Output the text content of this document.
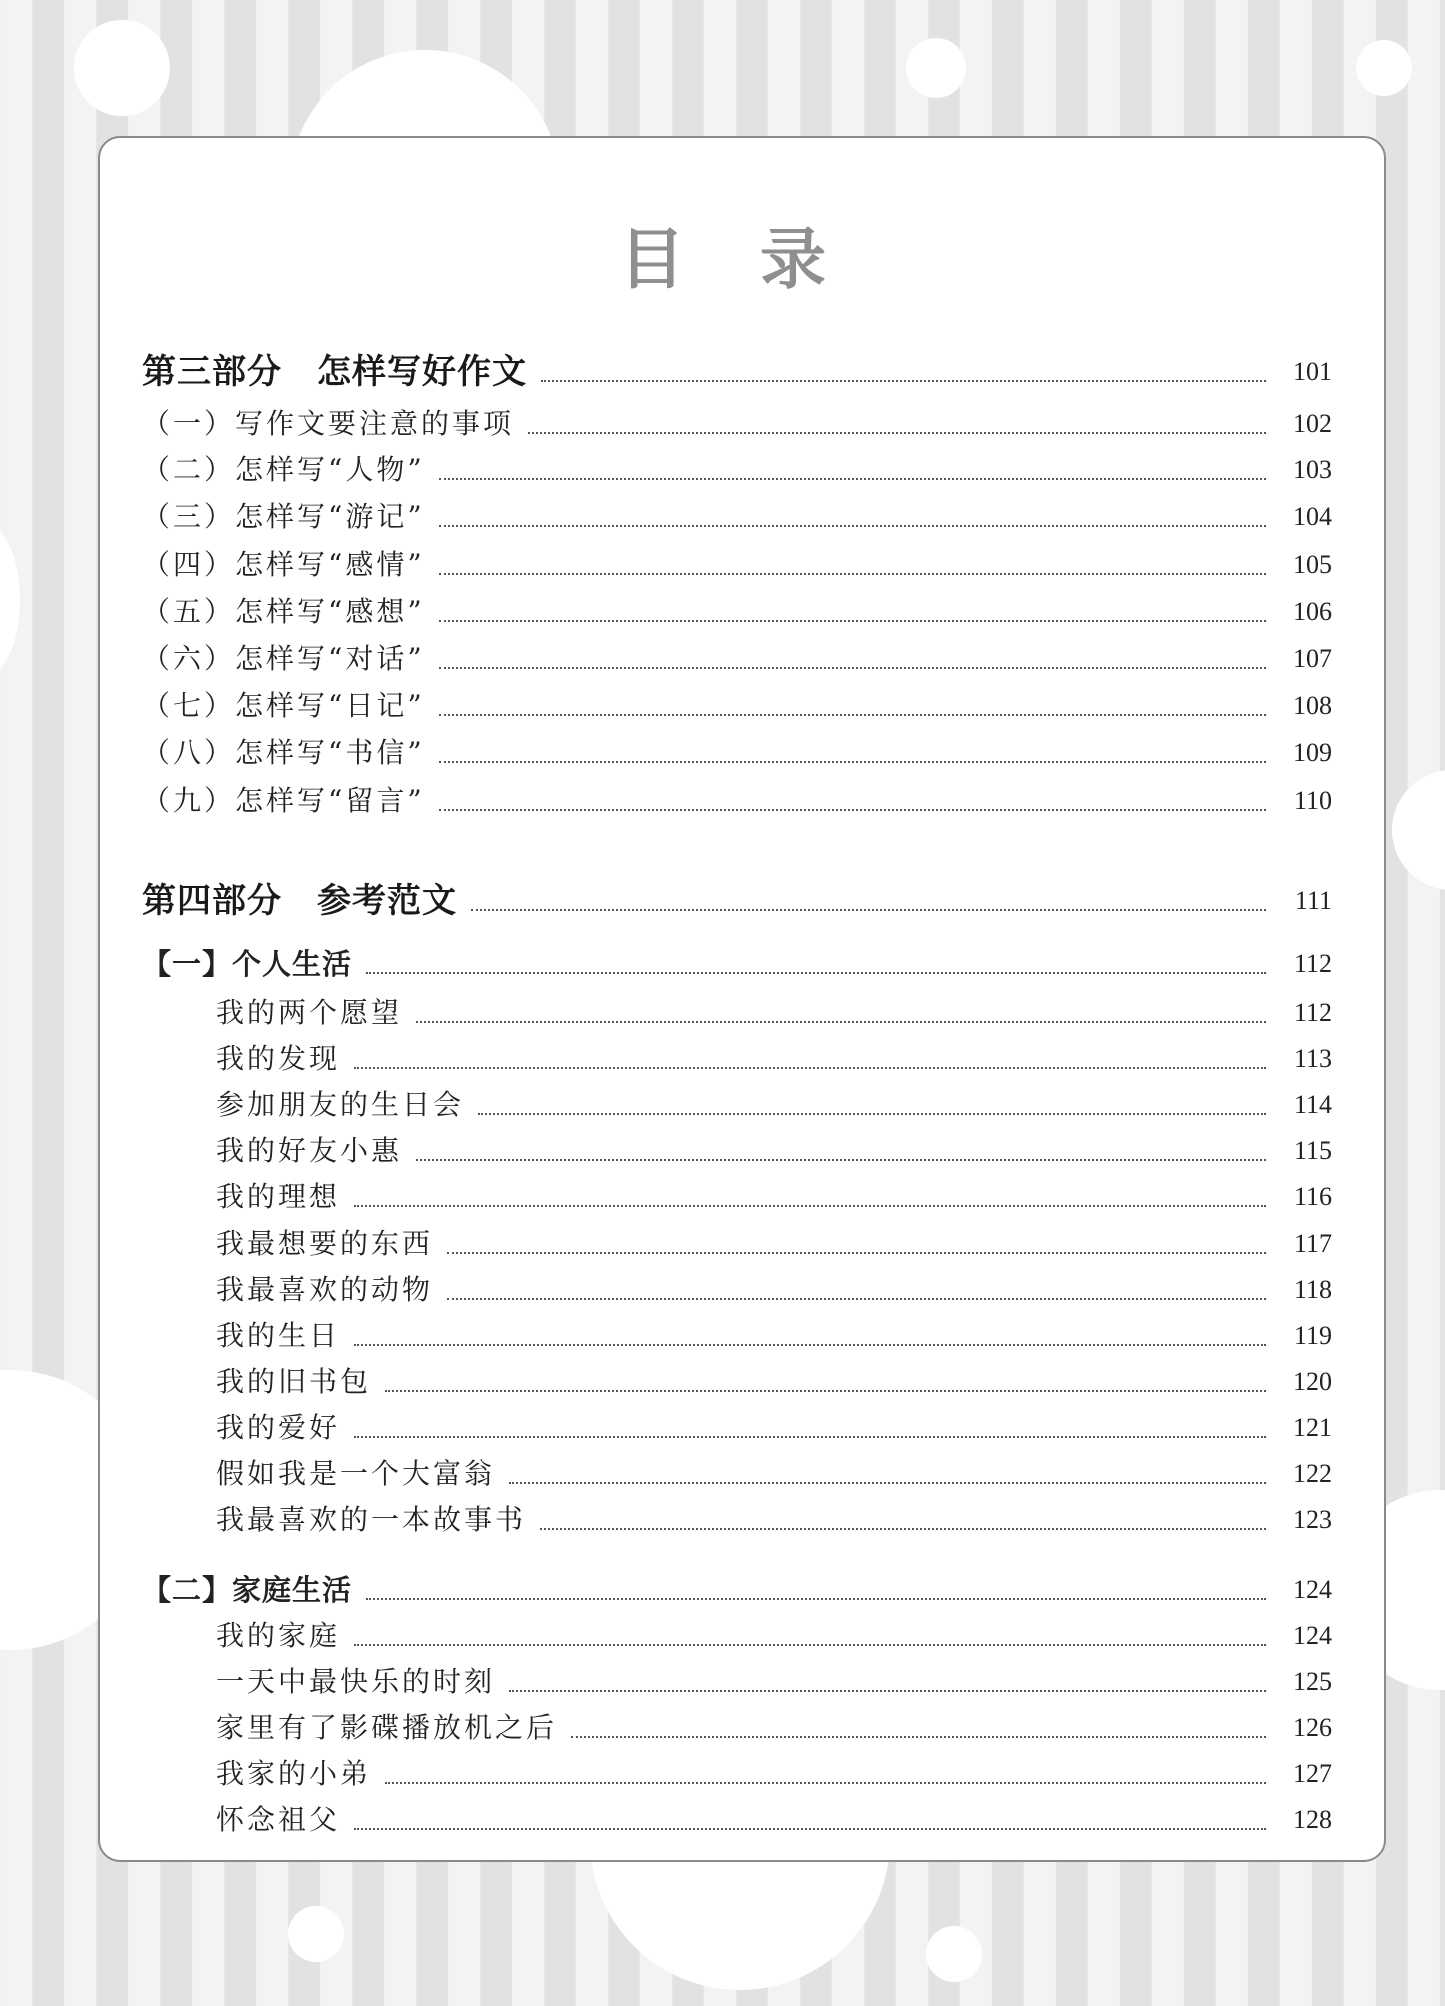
目 录
第三部分　怎样写好作文	101
（一）写作文要注意的事项	102
（二）怎样写“人物”	103
（三）怎样写“游记”	104
（四）怎样写“感情”	105
（五）怎样写“感想”	106
（六）怎样写“对话”	107
（七）怎样写“日记”	108
（八）怎样写“书信”	109
（九）怎样写“留言”	110
第四部分　参考范文	111
【一】个人生活	112
我的两个愿望	112
我的发现	113
参加朋友的生日会	114
我的好友小惠	115
我的理想	116
我最想要的东西	117
我最喜欢的动物	118
我的生日	119
我的旧书包	120
我的爱好	121
假如我是一个大富翁	122
我最喜欢的一本故事书	123
【二】家庭生活	124
我的家庭	124
一天中最快乐的时刻	125
家里有了影碟播放机之后	126
我家的小弟	127
怀念祖父	128
